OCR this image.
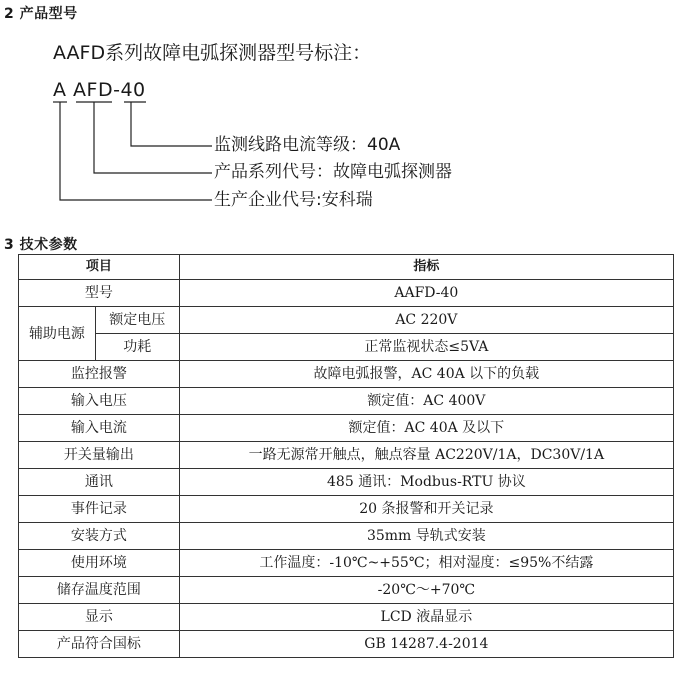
2 产品型号
AAFD系列故障电弧探测器型号标注：
A AFD-40
监测线路电流等级：40A
产品系列代号：故障电弧探测器
生产企业代号:安科瑞
3 技术参数
项目		指标
型号		AAFD-40
辅助电源	额定电压	AC 220V
	功耗	正常监视状态≤5VA
监控报警		故障电弧报警，AC 40A 以下的负载
输入电压		额定值：AC 400V
输入电流		额定值：AC 40A 及以下
开关量输出		一路无源常开触点，触点容量 AC220V/1A，DC30V/1A
通讯		485 通讯：Modbus-RTU 协议
事件记录		20 条报警和开关记录
安装方式		35mm 导轨式安装
使用环境		工作温度：-10℃~+55℃；相对湿度：≤95%不结露
储存温度范围		-20℃～+70℃
显示		LCD 液晶显示
产品符合国标		GB 14287.4-2014
